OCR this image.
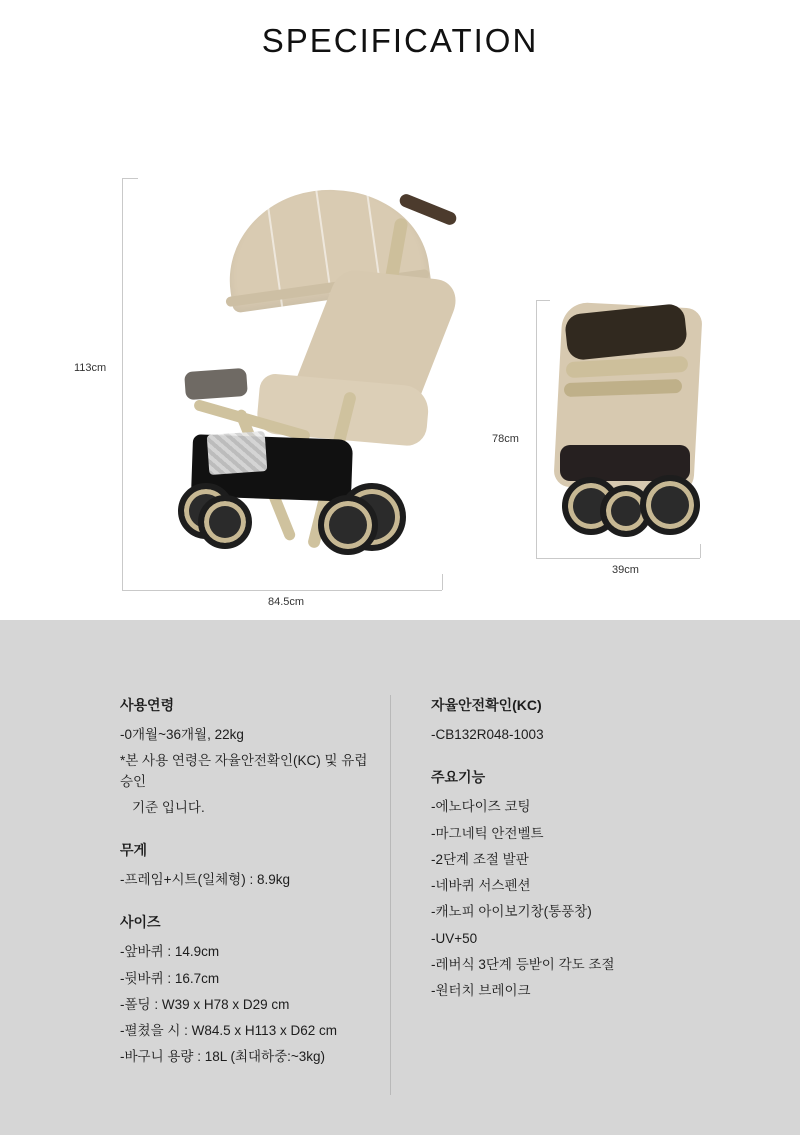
SPECIFICATION
113cm
84.5cm
78cm
39cm
사용연령

-0개월~36개월, 22kg

*본 사용 연령은 자율안전확인(KC) 및 유럽승인

기준 입니다.

무게

-프레임+시트(일체형) : 8.9kg

사이즈

-앞바퀴 : 14.9cm

-뒷바퀴 : 16.7cm

-폴딩 : W39 x H78 x D29 cm

-펼쳤을 시 : W84.5 x H113 x D62 cm

-바구니 용량 : 18L (최대하중:~3kg)

자율안전확인(KC)

-CB132R048-1003

주요기능

-에노다이즈 코팅

-마그네틱 안전벨트

-2단계 조절 발판

-네바퀴 서스펜션

-캐노피 아이보기창(통풍창)

-UV+50

-레버식 3단계 등받이 각도 조절

-원터치 브레이크
